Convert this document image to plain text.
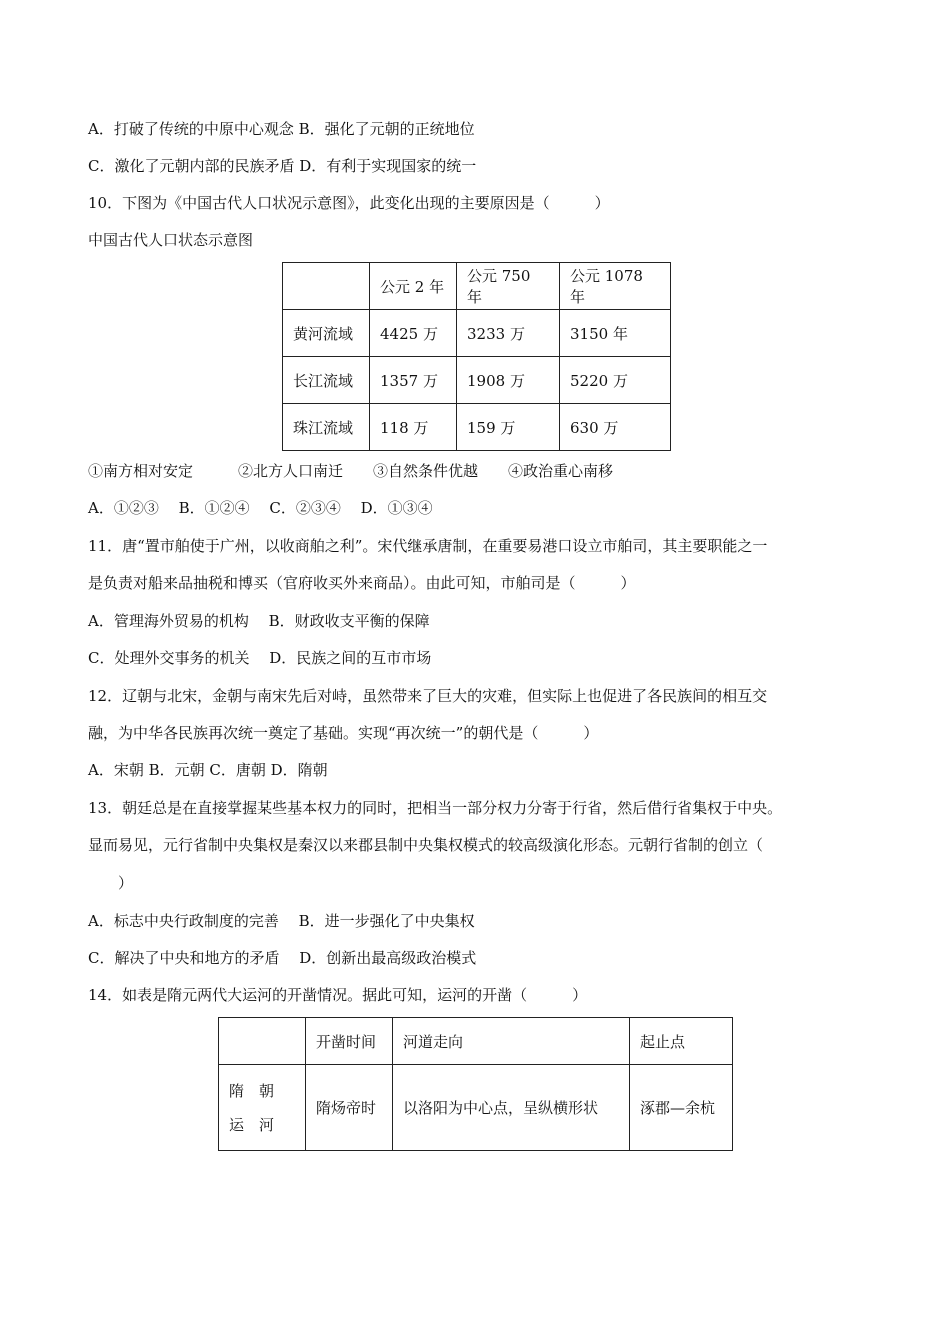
A．打破了传统的中原中心观念 B．强化了元朝的正统地位
C．激化了元朝内部的民族矛盾 D．有利于实现国家的统一
10．下图为《中国古代人口状况示意图》，此变化出现的主要原因是（　　　）
中国古代人口状态示意图
	公元 2 年	公元 750 年	公元 1078 年
黄河流域	4425 万	3233 万	3150 年
长江流域	1357 万	1908 万	5220 万
珠江流域	118 万	159 万	630 万
①南方相对安定　　　②北方人口南迁　　③自然条件优越　　④政治重心南移
A．①②③　 B．①②④　 C．②③④　 D．①③④
11．唐“置市舶使于广州，以收商舶之利”。宋代继承唐制，在重要易港口设立市舶司，其主要职能之一
是负责对船来品抽税和博买（官府收买外来商品）。由此可知，市舶司是（　　　）
A．管理海外贸易的机构　 B．财政收支平衡的保障
C．处理外交事务的机关　 D．民族之间的互市市场
12．辽朝与北宋，金朝与南宋先后对峙，虽然带来了巨大的灾难，但实际上也促进了各民族间的相互交
融，为中华各民族再次统一奠定了基础。实现“再次统一”的朝代是（　　　）
A．宋朝 B．元朝 C．唐朝 D．隋朝
13．朝廷总是在直接掌握某些基本权力的同时，把相当一部分权力分寄于行省，然后借行省集权于中央。
显而易见，元行省制中央集权是秦汉以来郡县制中央集权模式的较高级演化形态。元朝行省制的创立（
　　）
A．标志中央行政制度的完善　 B．进一步强化了中央集权
C．解决了中央和地方的矛盾　 D．创新出最高级政治模式
14．如表是隋元两代大运河的开凿情况。据此可知，运河的开凿（　　　）
	开凿时间	河道走向	起止点
隋　朝　运　河	隋炀帝时	以洛阳为中心点，呈纵横形状	涿郡—余杭
